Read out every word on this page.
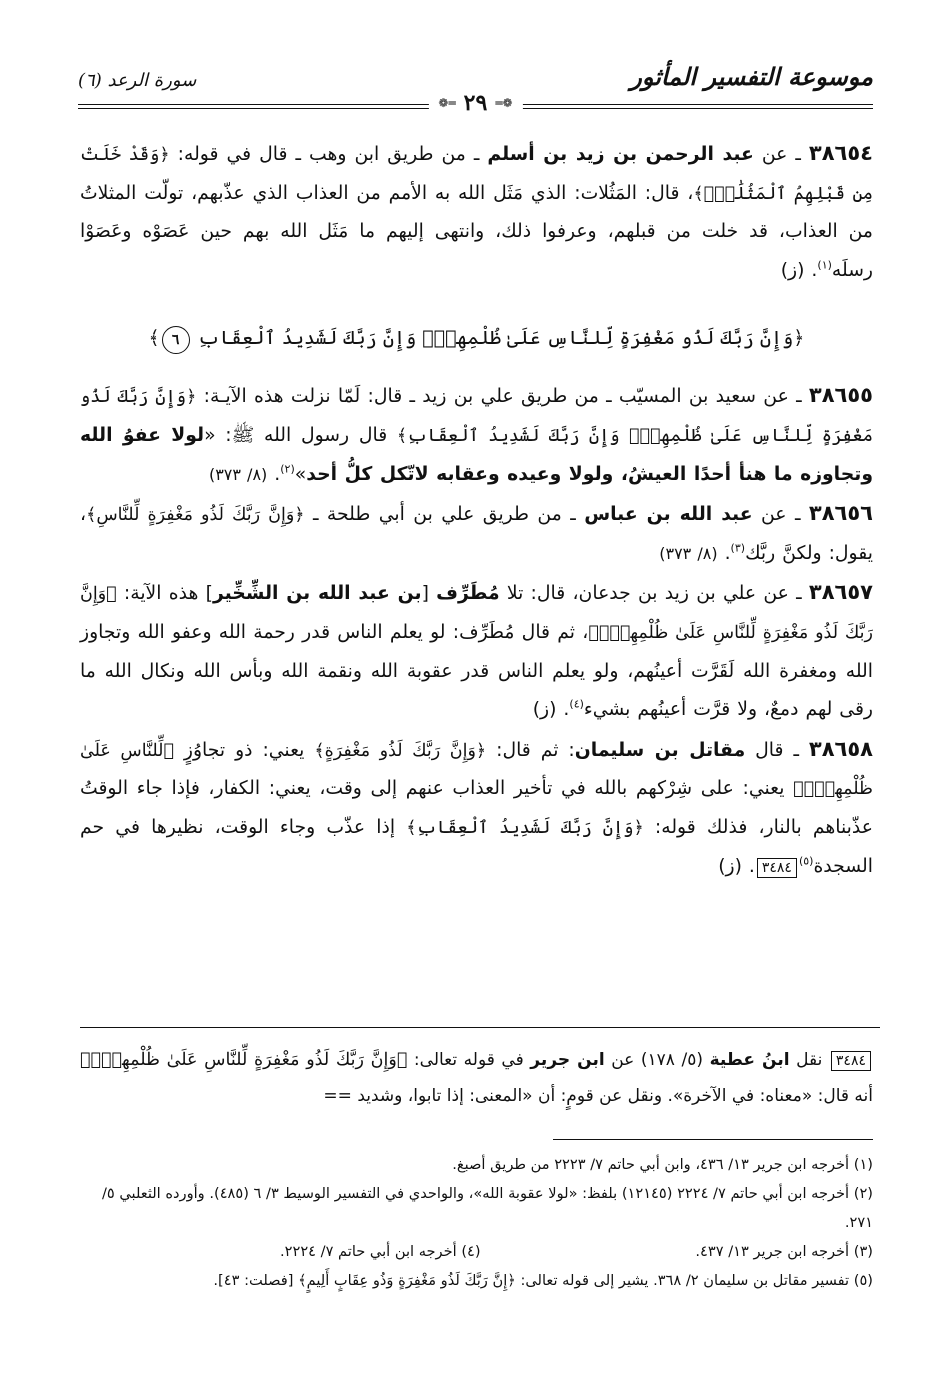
موسوعة التفسير المأثور
سورة الرعد (٦)
❁═
٢٩
═❁

٣٨٦٥٤ ـ عن عبد الرحمن بن زيد بن أسلم ـ من طريق ابن وهب ـ قال في قوله: ﴿وَقَدْ خَلَتْ مِن قَبْلِهِمُ ٱلْمَثُلَٰتُۗ﴾، قال: المَثُلات: الذي مَثَل الله به الأمم من العذاب الذي عذّبهم، تولّت المثلاتُ من العذاب، قد خلت من قبلهم، وعرفوا ذلك، وانتهى إليهم ما مَثَل الله بهم حين عَصَوْه وعَصَوْا رسلَه$^{(١)}$. (ز)

﴿وَإِنَّ رَبَّكَ لَذُو مَغْفِرَةٍ لِّلنَّاسِ عَلَىٰ ظُلْمِهِمْۖ وَإِنَّ رَبَّكَ لَشَدِيدُ ٱلْعِقَابِ ٦﴾

٣٨٦٥٥ ـ عن سعيد بن المسيّب ـ من طريق علي بن زيد ـ قال: لَمّا نزلت هذه الآيـة: ﴿وَإِنَّ رَبَّكَ لَذُو مَغْفِرَةٍ لِّلنَّاسِ عَلَىٰ ظُلْمِهِمْۖ وَإِنَّ رَبَّكَ لَشَدِيدُ ٱلْعِقَابِ﴾ قال رسول الله ﷺ: «لولا عفوُ الله وتجاوزه ما هنأ أحدًا العيشُ، ولولا وعيده وعقابه لاتّكل كلُّ أحد»$^{(٢)}$. (٨/ ٣٧٣)

٣٨٦٥٦ ـ عن عبد الله بن عباس ـ من طريق علي بن أبي طلحة ـ ﴿وَإِنَّ رَبَّكَ لَذُو مَغْفِرَةٍ لِّلنَّاسِ﴾، يقول: ولكنَّ ربَّك$^{(٣)}$. (٨/ ٣٧٣)

٣٨٦٥٧ ـ عن علي بن زيد بن جدعان، قال: تلا مُطَرِّف [بن عبد الله بن الشِّخِّير] هذه الآية: ﴿وَإِنَّ رَبَّكَ لَذُو مَغْفِرَةٍ لِّلنَّاسِ عَلَىٰ ظُلْمِهِمْۖ﴾، ثم قال مُطَرِّف: لو يعلم الناس قدر رحمة الله وعفو الله وتجاوز الله ومغفرة الله لَقَرَّت أعينُهم، ولو يعلم الناس قدر عقوبة الله ونقمة الله وبأس الله ونكال الله ما رقى لهم دمعٌ، ولا قرَّت أعينُهم بشيء$^{(٤)}$. (ز)

٣٨٦٥٨ ـ قال مقاتل بن سليمان: ثم قال: ﴿وَإِنَّ رَبَّكَ لَذُو مَغْفِرَةٍ﴾ يعني: ذو تجاوُزٍ ﴿لِّلنَّاسِ عَلَىٰ ظُلْمِهِمْۖ﴾ يعني: على شِرْكهم بالله في تأخير العذاب عنهم إلى وقت، يعني: الكفار، فإذا جاء الوقتُ عذّبناهم بالنار، فذلك قوله: ﴿وَإِنَّ رَبَّكَ لَشَدِيدُ ٱلْعِقَابِ﴾ إذا عذّب وجاء الوقت، نظيرها في حم السجدة$^{(٥)}$٣٤٨٤. (ز)

٣٤٨٤ نقل ابنُ عطية (٥/ ١٧٨) عن ابن جرير في قوله تعالى: ﴿وَإِنَّ رَبَّكَ لَذُو مَغْفِرَةٍ لِّلنَّاسِ عَلَىٰ ظُلْمِهِمْۖ﴾ أنه قال: «معناه: في الآخرة». ونقل عن قومٍ: أن «المعنى: إذا تابوا، وشديد ==

(١) أخرجه ابن جرير ١٣/ ٤٣٦، وابن أبي حاتم ٧/ ٢٢٢٣ من طريق أصبغ.

(٢) أخرجه ابن أبي حاتم ٧/ ٢٢٢٤ (١٢١٤٥) بلفظ: «لولا عقوبة الله»، والواحدي في التفسير الوسيط ٣/ ٦ (٤٨٥). وأورده الثعلبي ٥/ ٢٧١.

(٣) أخرجه ابن جرير ١٣/ ٤٣٧.

(٤) أخرجه ابن أبي حاتم ٧/ ٢٢٢٤.

(٥) تفسير مقاتل بن سليمان ٢/ ٣٦٨. يشير إلى قوله تعالى: ﴿إِنَّ رَبَّكَ لَذُو مَغْفِرَةٍ وَذُو عِقَابٍ أَلِيمٍ﴾ [فصلت: ٤٣].
